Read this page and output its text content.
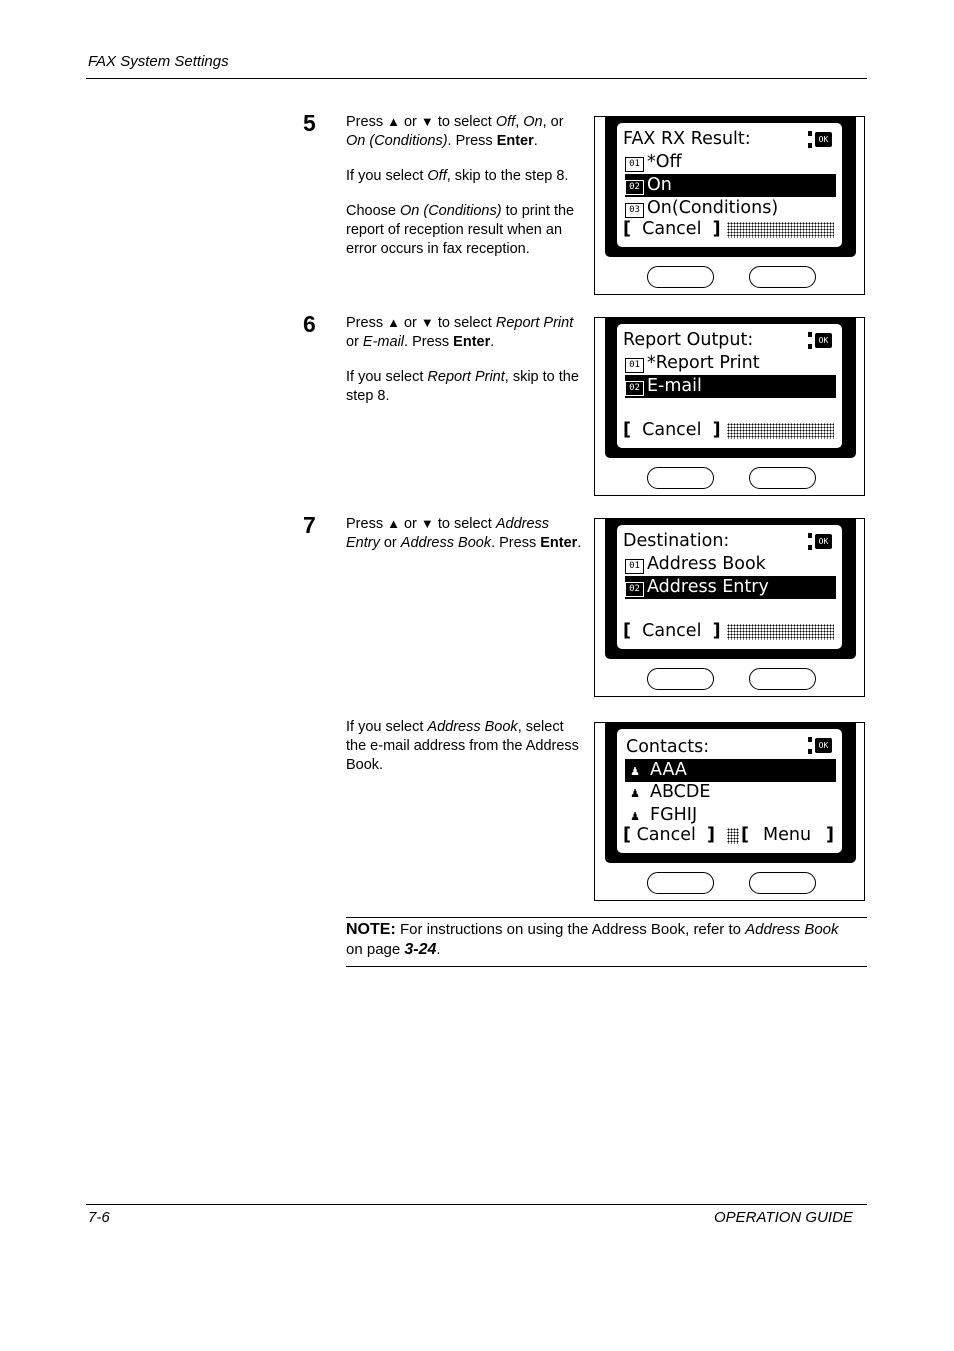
FAX System Settings
5 Press ▲ or ▼ to select Off, On, or On (Conditions). Press Enter.

If you select Off, skip to the step 8.

Choose On (Conditions) to print the report of reception result when an error occurs in fax reception.

FAX RX Result:	OK
01 *Off
02 On
03 On(Conditions)
[ Cancel ]
6 Press ▲ or ▼ to select Report Print or E-mail. Press Enter.

If you select Report Print, skip to the step 8.

Report Output:	OK
01 *Report Print
02 E-mail
[ Cancel ]
7 Press ▲ or ▼ to select Address Entry or Address Book. Press Enter. Destination:	OK
01 Address Book
02 Address Entry
[ Cancel ]

If you select Address Book, select the e-mail address from the Address Book.

Contacts:	OK
♟ AAA
♟ ABCDE
♟ FGHIJ
[ Cancel ] [ Menu ]
NOTE: For instructions on using the Address Book, refer to Address Book on page 3-24.
7-6	OPERATION GUIDE
